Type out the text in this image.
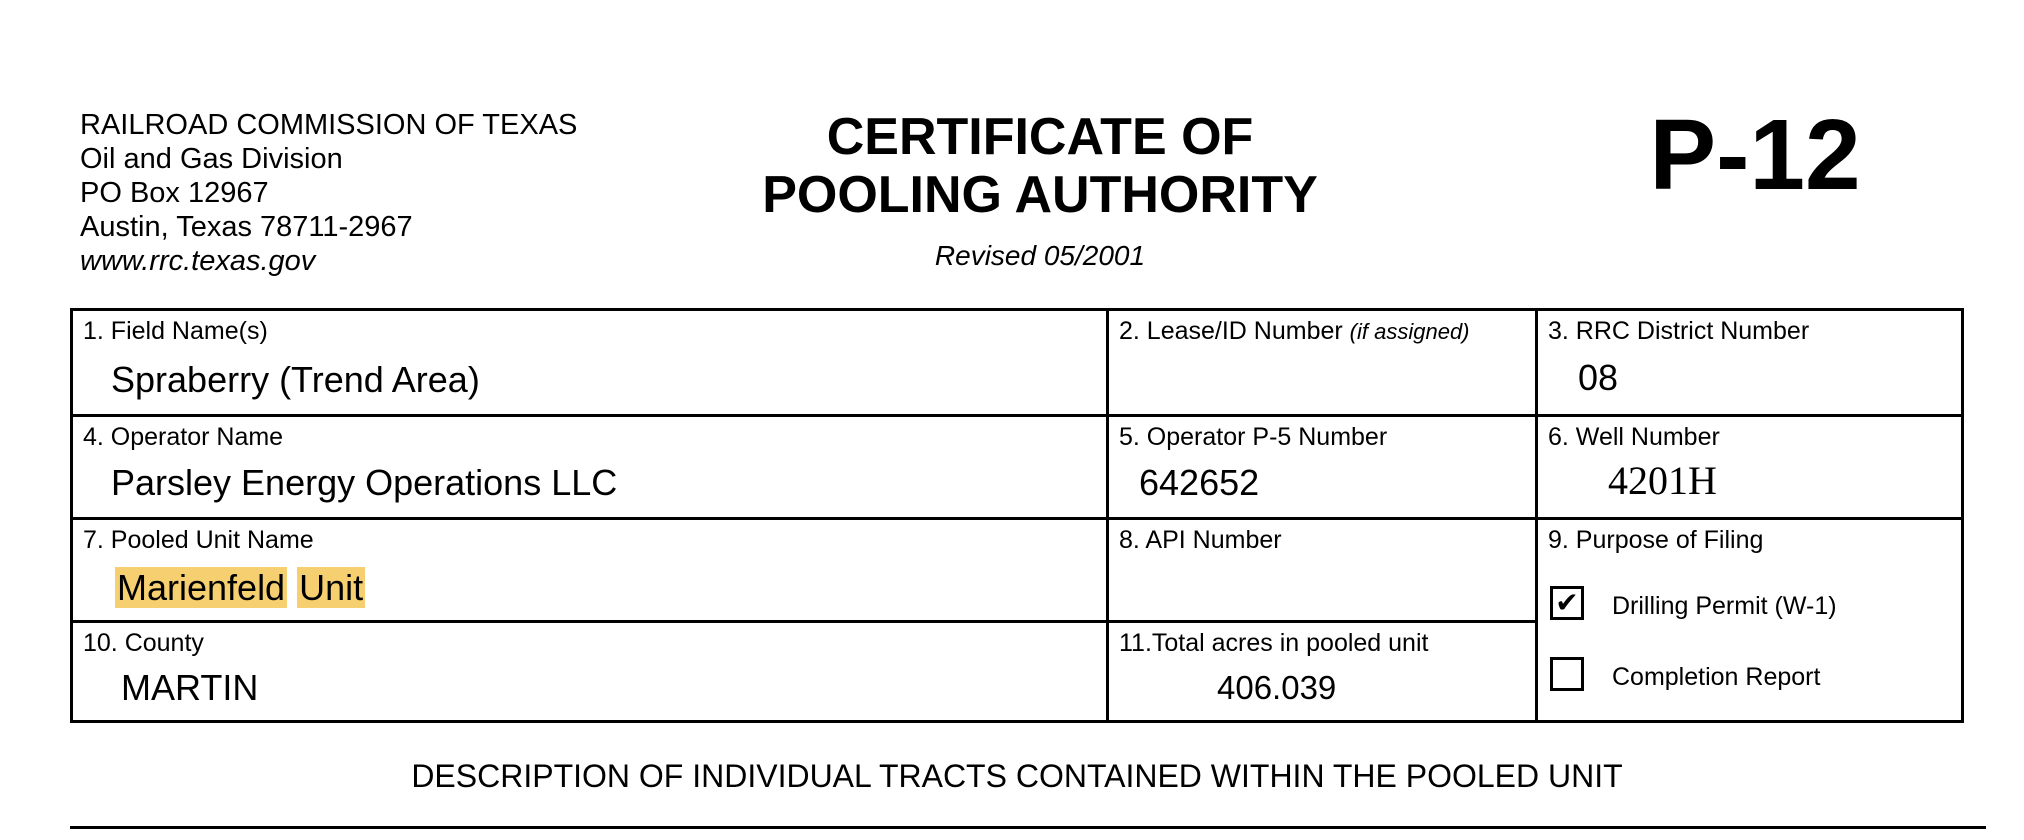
RAILROAD COMMISSION OF TEXAS
Oil and Gas Division
PO Box 12967
Austin, Texas 78711-2967
www.rrc.texas.gov
CERTIFICATE OF
POOLING AUTHORITY
Revised 05/2001
P-12
1. Field Name(s)
Spraberry (Trend Area)
2. Lease/ID Number (if assigned)	3. RRC District Number
08
4. Operator Name
Parsley Energy Operations LLC
5. Operator P-5 Number
642652
6. Well Number
4201H
7. Pooled Unit Name
Marienfeld Unit
8. API Number	9. Purpose of Filing
✔ Drilling Permit (W-1)
Completion Report
10. County
MARTIN
11.Total acres in pooled unit
406.039
DESCRIPTION OF INDIVIDUAL TRACTS CONTAINED WITHIN THE POOLED UNIT
